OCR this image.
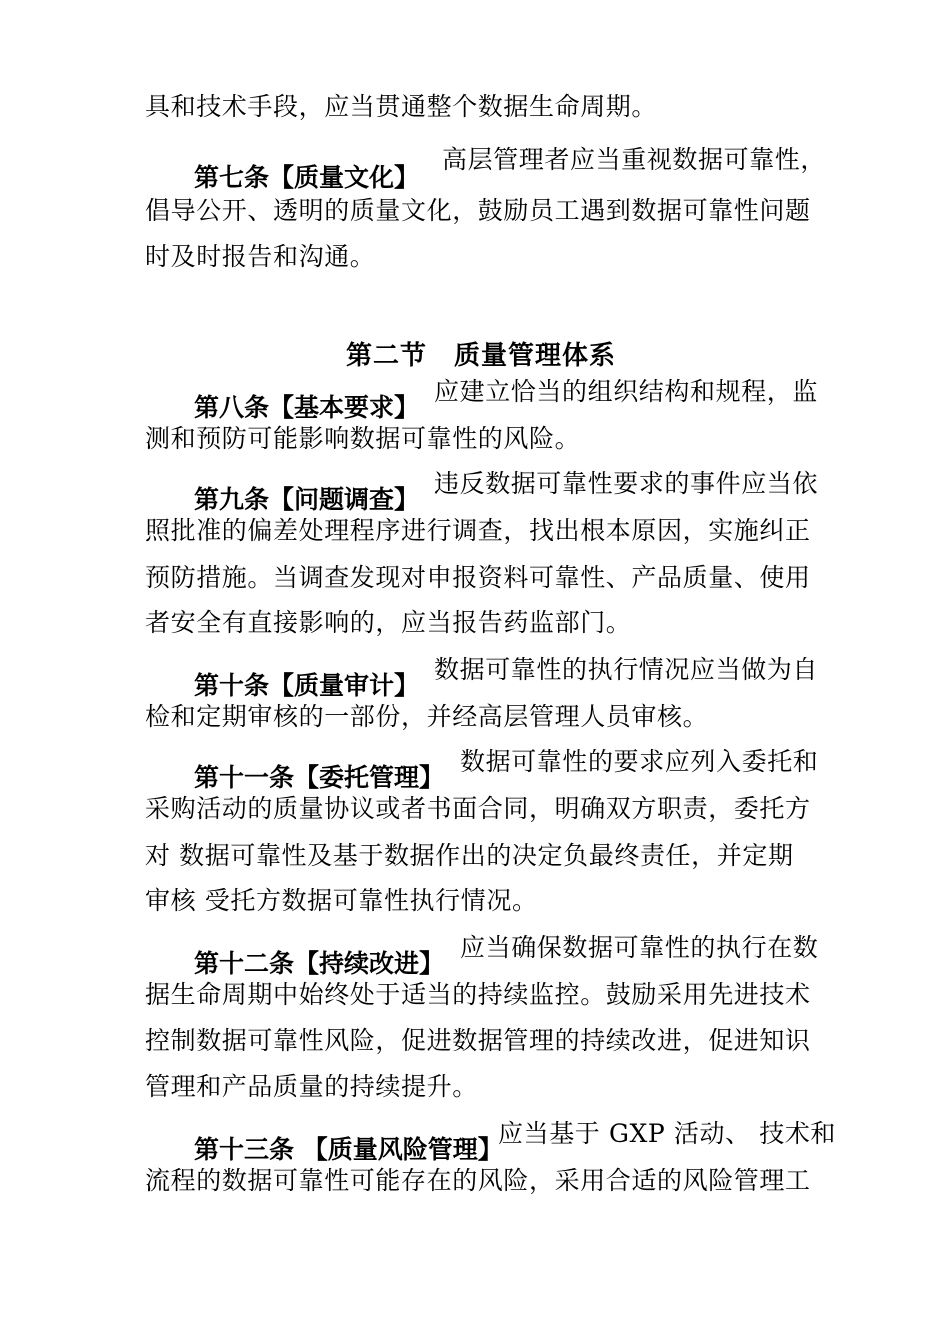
具和技术手段，应当贯通整个数据生命周期。
高层管理者应当重视数据可靠性，
第七条【质量文化】
倡导公开、透明的质量文化，鼓励员工遇到数据可靠性问题
时及时报告和沟通。
第二节　质量管理体系
应建立恰当的组织结构和规程，监
第八条【基本要求】
测和预防可能影响数据可靠性的风险。
违反数据可靠性要求的事件应当依
第九条【问题调查】
照批准的偏差处理程序进行调查，找出根本原因，实施纠正
预防措施。当调查发现对申报资料可靠性、产品质量、使用
者安全有直接影响的，应当报告药监部门。
数据可靠性的执行情况应当做为自
第十条【质量审计】
检和定期审核的一部份，并经高层管理人员审核。
数据可靠性的要求应列入委托和
第十一条【委托管理】
采购活动的质量协议或者书面合同，明确双方职责，委托方
对 数据可靠性及基于数据作出的决定负最终责任，并定期
审核 受托方数据可靠性执行情况。
应当确保数据可靠性的执行在数
第十二条【持续改进】
据生命周期中始终处于适当的持续监控。鼓励采用先进技术
控制数据可靠性风险，促进数据管理的持续改进，促进知识
管理和产品质量的持续提升。
应当基于 GXP 活动、 技术和
第十三条 【质量风险管理】
流程的数据可靠性可能存在的风险，采用合适的风险管理工
